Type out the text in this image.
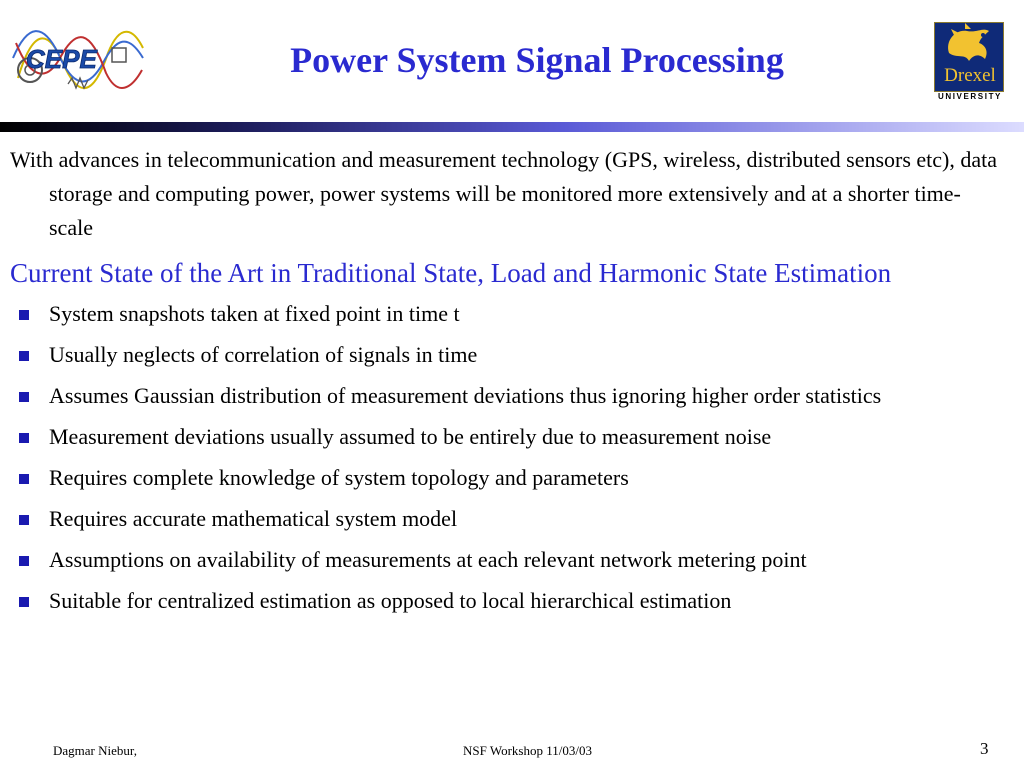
CEPE	Power System Signal Processing	Drexel
UNIVERSITY
With advances in telecommunication and measurement technology (GPS, wireless, distributed sensors etc), data storage and computing power, power systems will be monitored more extensively and at a shorter time-scale
Current State of the Art in Traditional State, Load and Harmonic State Estimation
System snapshots taken at fixed point in time t
Usually neglects of correlation of signals in time
Assumes Gaussian distribution of measurement deviations thus ignoring higher order statistics
Measurement deviations usually assumed to be entirely due to measurement noise
Requires complete knowledge of system topology and parameters
Requires accurate mathematical system model
Assumptions on availability of measurements at each relevant network metering point
Suitable for centralized estimation as opposed to local hierarchical estimation
Dagmar Niebur,	NSF Workshop 11/03/03	3
